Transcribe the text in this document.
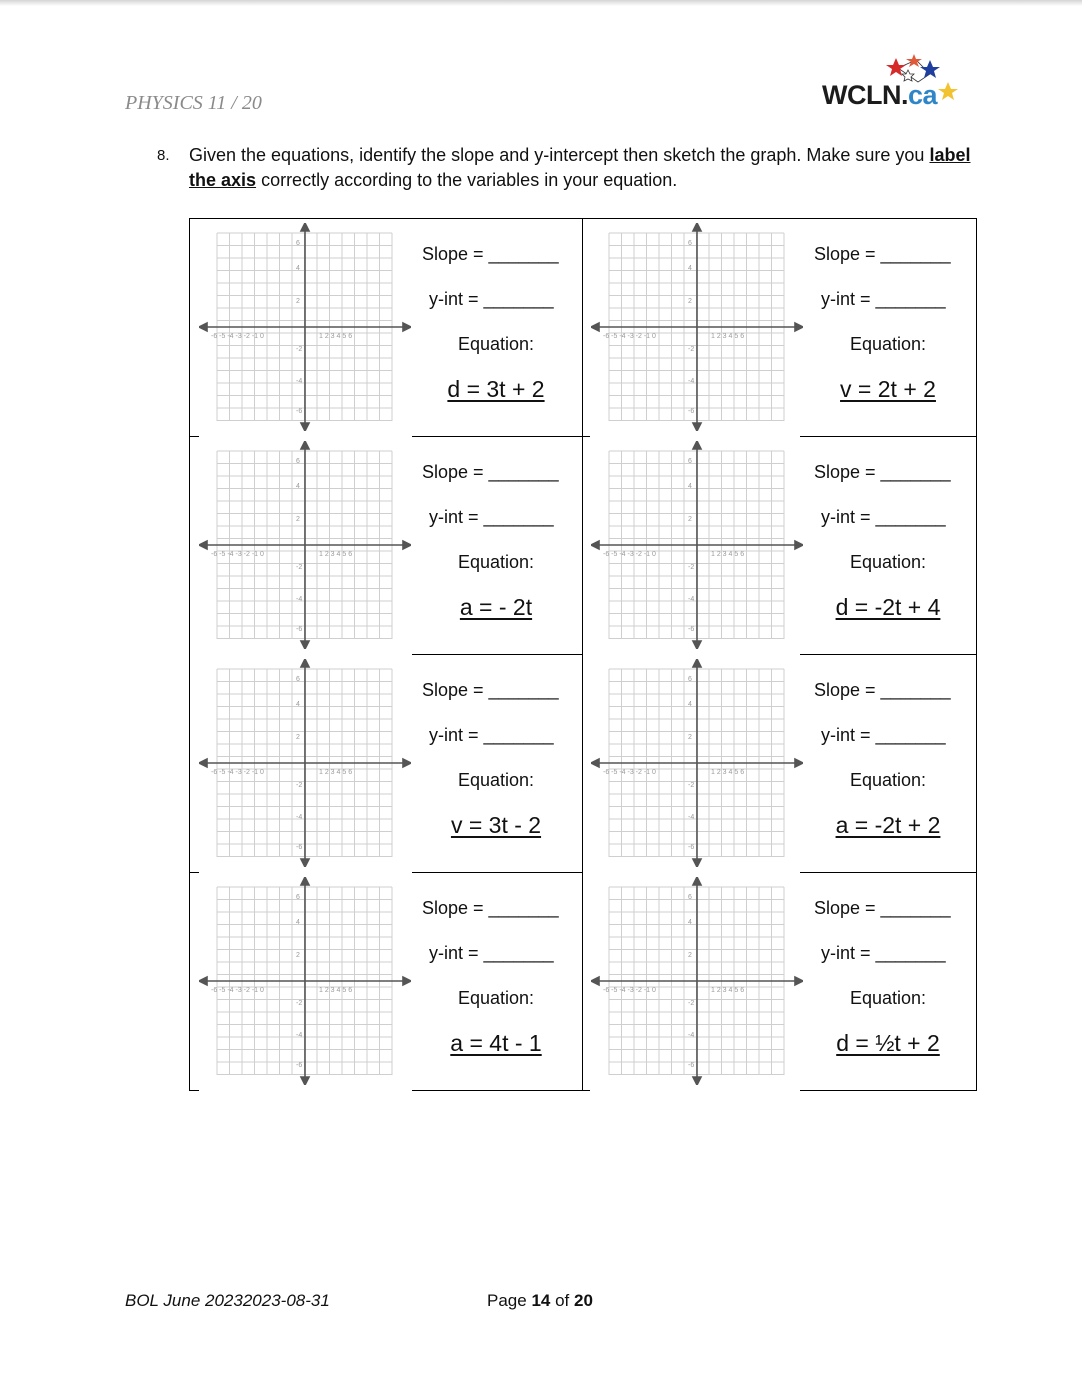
PHYSICS 11 / 20	WCLN.ca
8. Given the equations, identify the slope and y-intercept then sketch the graph. Make sure you label the axis correctly according to the variables in your equation.
-6 -5 -4 -3 -2 -1 0	1 2 3 4 5 6
6
4
2
-2
-4
-6
Slope = _______
y-int = _______
Equation:
d = 3t + 2
-6 -5 -4 -3 -2 -1 0	1 2 3 4 5 6
6
4
2
-2
-4
-6
Slope = _______
y-int = _______
Equation:
v = 2t + 2
-6 -5 -4 -3 -2 -1 0	1 2 3 4 5 6
6
4
2
-2
-4
-6
Slope = _______
y-int = _______
Equation:
a = - 2t
-6 -5 -4 -3 -2 -1 0	1 2 3 4 5 6
6
4
2
-2
-4
-6
Slope = _______
y-int = _______
Equation:
d = -2t + 4
-6 -5 -4 -3 -2 -1 0	1 2 3 4 5 6
6
4
2
-2
-4
-6
Slope = _______
y-int = _______
Equation:
v = 3t - 2
-6 -5 -4 -3 -2 -1 0	1 2 3 4 5 6
6
4
2
-2
-4
-6
Slope = _______
y-int = _______
Equation:
a = -2t + 2
-6 -5 -4 -3 -2 -1 0	1 2 3 4 5 6
6
4
2
-2
-4
-6
Slope = _______
y-int = _______
Equation:
a = 4t - 1
-6 -5 -4 -3 -2 -1 0	1 2 3 4 5 6
6
4
2
-2
-4
-6
Slope = _______
y-int = _______
Equation:
d = ½t + 2
BOL June 20232023-08-31	Page 14 of 20
